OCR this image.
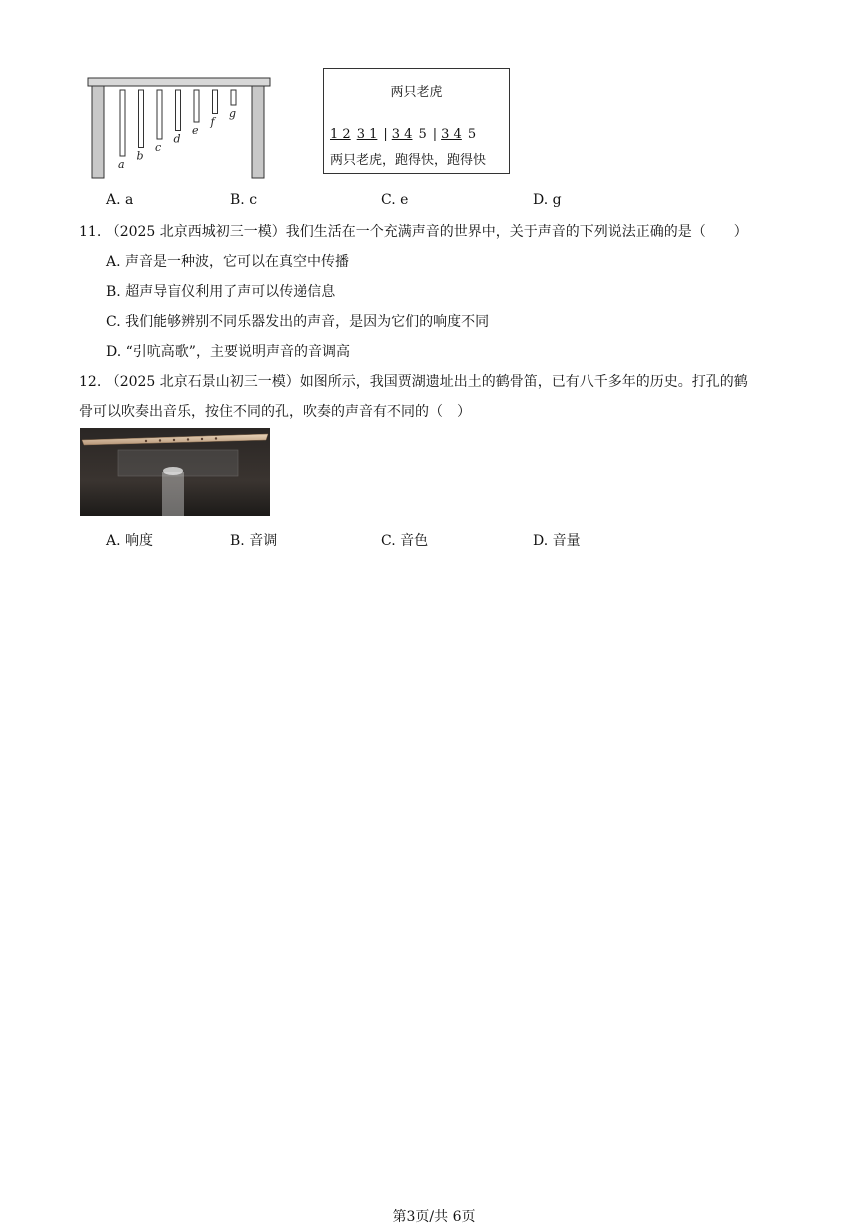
a
b
c
d
e
f
g
两只老虎
1 2 3 1 | 3 4 5 | 3 4 5
两只老虎，跑得快，跑得快
A. a	B. c	C. e	D. g
11. （2025 北京西城初三一模）我们生活在一个充满声音的世界中，关于声音的下列说法正确的是（　　）
A. 声音是一种波，它可以在真空中传播
B. 超声导盲仪利用了声可以传递信息
C. 我们能够辨别不同乐器发出的声音，是因为它们的响度不同
D. “引吭高歌”，主要说明声音的音调高
12. （2025 北京石景山初三一模）如图所示，我国贾湖遗址出土的鹤骨笛，已有八千多年的历史。打孔的鹤
骨可以吹奏出音乐，按住不同的孔，吹奏的声音有不同的（　）
A. 响度	B. 音调	C. 音色	D. 音量
第3页/共 6页
